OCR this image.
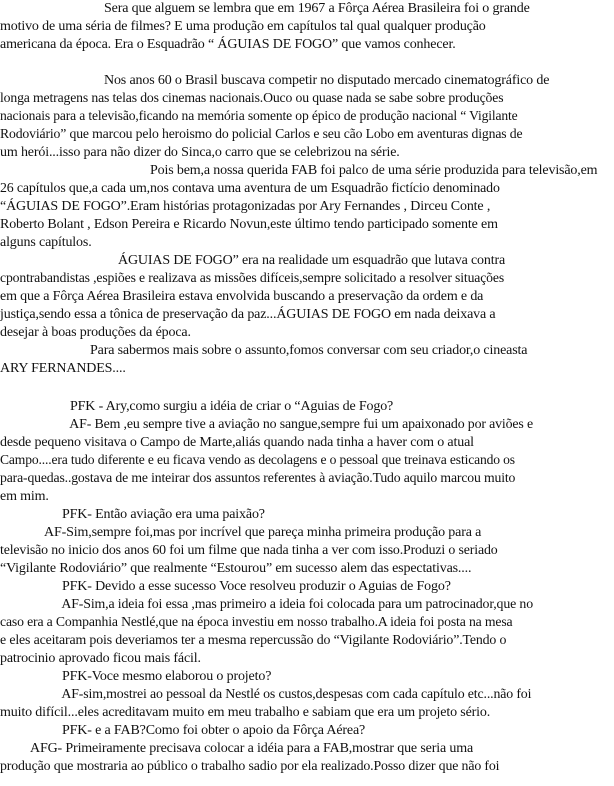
Sera que alguem se lembra que em 1967 a Fôrça Aérea Brasileira foi o grande
motivo de uma séria de filmes? E uma produção em capítulos tal qual qualquer produção
americana da época. Era o Esquadrão “ ÁGUIAS DE FOGO” que vamos conhecer.
Nos anos 60 o Brasil buscava competir no disputado mercado cinematográfico de
longa metragens nas telas dos cinemas nacionais.Ouco ou quase nada se sabe sobre produções
nacionais para a televisão,ficando na memória somente op épico de produção nacional “ Vigilante
Rodoviário” que marcou pelo heroismo do policial Carlos e seu cão Lobo em aventuras dignas de
um herói...isso para não dizer do Sinca,o carro que se celebrizou na série.
Pois bem,a nossa querida FAB foi palco de uma série produzida para televisão,em
26 capítulos que,a cada um,nos contava uma aventura de um Esquadrão fictício denominado
“ÁGUIAS DE FOGO”.Eram histórias protagonizadas por Ary Fernandes , Dirceu Conte ,
Roberto Bolant , Edson Pereira e Ricardo Novun,este último tendo participado somente em
alguns capítulos.
ÁGUIAS DE FOGO” era na realidade um esquadrão que lutava contra
cpontrabandistas ,espiões e realizava as missões difíceis,sempre solicitado a resolver situações
em que a Fôrça Aérea Brasileira estava envolvida buscando a preservação da ordem e da
justiça,sendo essa a tônica de preservação da paz...ÁGUIAS DE FOGO em nada deixava a
desejar à boas produções da época.
Para sabermos mais sobre o assunto,fomos conversar com seu criador,o cineasta
ARY FERNANDES....
PFK - Ary,como surgiu a idéia de criar o “Aguias de Fogo?
AF- Bem ,eu sempre tive a aviação no sangue,sempre fui um apaixonado por aviões e
desde pequeno visitava o Campo de Marte,aliás quando nada tinha a haver com o atual
Campo....era tudo diferente e eu ficava vendo as decolagens e o pessoal que treinava esticando os
para-quedas..gostava de me inteirar dos assuntos referentes à aviação.Tudo aquilo marcou muito
em mim.
PFK- Então aviação era uma paixão?
AF-Sim,sempre foi,mas por incrível que pareça minha primeira produção para a
televisão no inicio dos anos 60 foi um filme que nada tinha a ver com isso.Produzi o seriado
“Vigilante Rodoviário” que realmente “Estourou” em sucesso alem das espectativas....
PFK- Devido a esse sucesso Voce resolveu produzir o Aguias de Fogo?
AF-Sim,a ideia foi essa ,mas primeiro a ideia foi colocada para um patrocinador,que no
caso era a Companhia Nestlé,que na época investiu em nosso trabalho.A ideia foi posta na mesa
e eles aceitaram pois deveriamos ter a mesma repercussão do “Vigilante Rodoviário”.Tendo o
patrocinio aprovado ficou mais fácil.
PFK-Voce mesmo elaborou o projeto?
AF-sim,mostrei ao pessoal da Nestlé os custos,despesas com cada capítulo etc...não foi
muito difícil...eles acreditavam muito em meu trabalho e sabiam que era um projeto sério.
PFK- e a FAB?Como foi obter o apoio da Fôrça Aérea?
AFG- Primeiramente precisava colocar a idéia para a FAB,mostrar que seria uma
produção que mostraria ao público o trabalho sadio por ela realizado.Posso dizer que não foi
